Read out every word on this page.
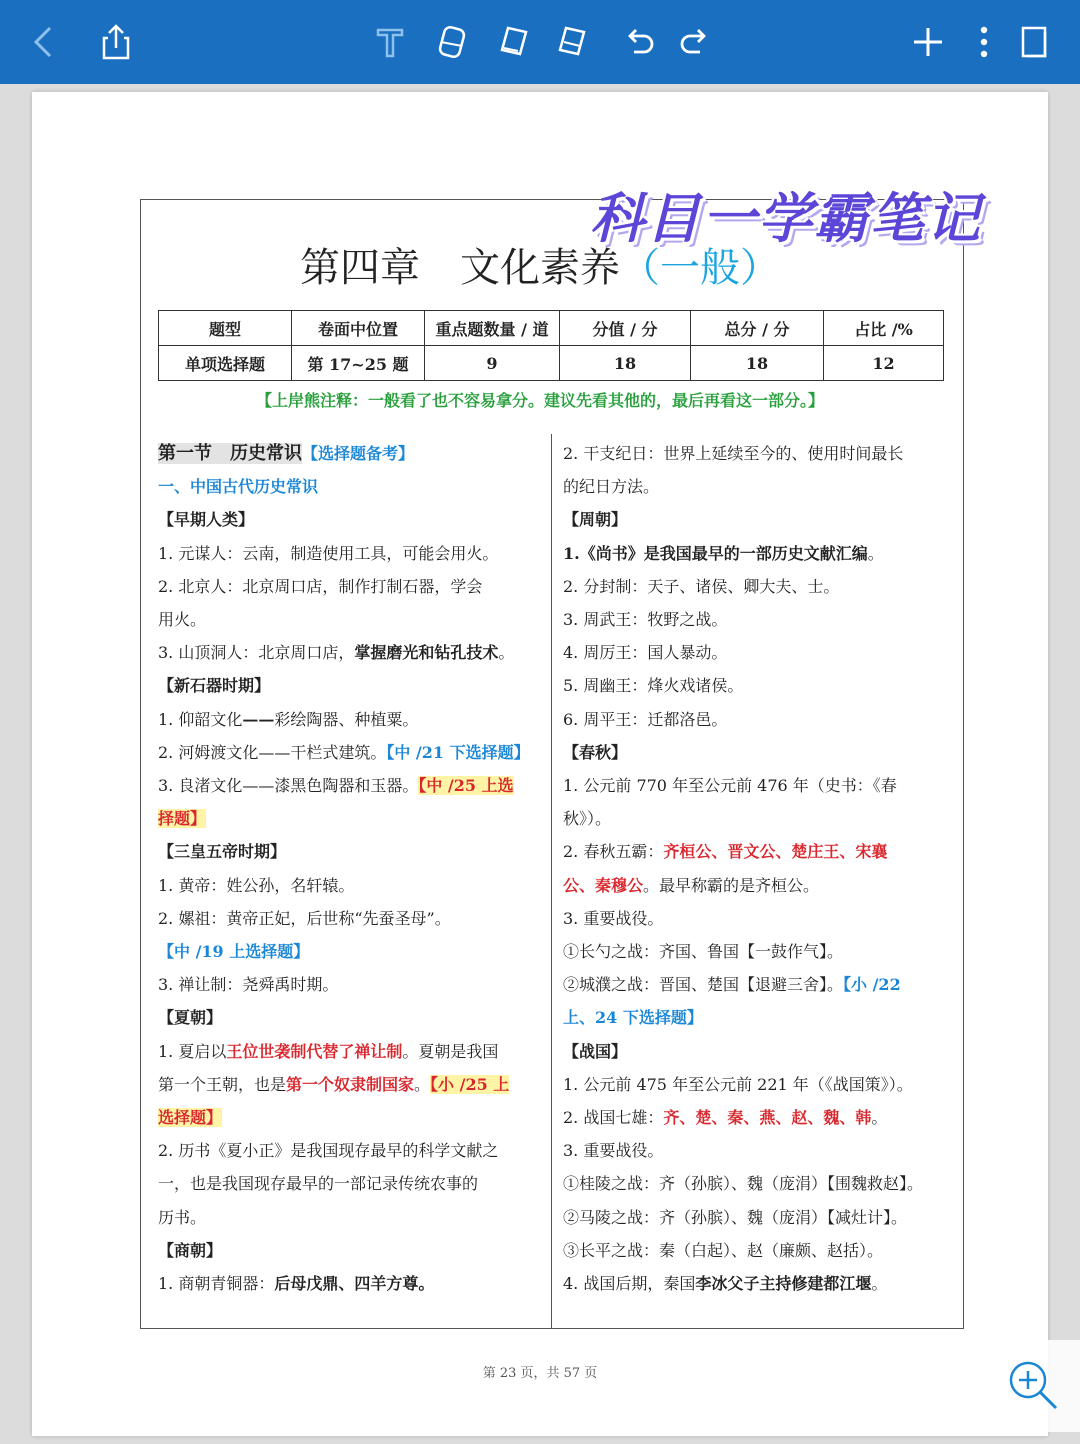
科目一学霸笔记
第四章　文化素养（一般）
题型	卷面中位置	重点题数量 / 道	分值 / 分	总分 / 分	占比 /%
单项选择题	第 17~25 题	9	18	18	12
【上岸熊注释：一般看了也不容易拿分。建议先看其他的，最后再看这一部分。】
第一节　历史常识【选择题备考】
一、中国古代历史常识
【早期人类】
1. 元谋人：云南，制造使用工具，可能会用火。
2. 北京人：北京周口店，制作打制石器，学会
用火。
3. 山顶洞人：北京周口店，掌握磨光和钻孔技术。
【新石器时期】
1. 仰韶文化——彩绘陶器、种植粟。
2. 河姆渡文化——干栏式建筑。【中 /21 下选择题】
3. 良渚文化——漆黑色陶器和玉器。【中 /25 上选
择题】
【三皇五帝时期】
1. 黄帝：姓公孙，名轩辕。
2. 嫘祖：黄帝正妃，后世称“先蚕圣母”。
【中 /19 上选择题】
3. 禅让制：尧舜禹时期。
【夏朝】
1. 夏启以王位世袭制代替了禅让制。夏朝是我国
第一个王朝，也是第一个奴隶制国家。【小 /25 上
选择题】
2. 历书《夏小正》是我国现存最早的科学文献之
一，也是我国现存最早的一部记录传统农事的
历书。
【商朝】
1. 商朝青铜器：后母戊鼎、四羊方尊。
2. 干支纪日：世界上延续至今的、使用时间最长
的纪日方法。
【周朝】
1.《尚书》是我国最早的一部历史文献汇编。
2. 分封制：天子、诸侯、卿大夫、士。
3. 周武王：牧野之战。
4. 周厉王：国人暴动。
5. 周幽王：烽火戏诸侯。
6. 周平王：迁都洛邑。
【春秋】
1. 公元前 770 年至公元前 476 年（史书：《春
秋》）。
2. 春秋五霸：齐桓公、晋文公、楚庄王、宋襄
公、秦穆公。最早称霸的是齐桓公。
3. 重要战役。
①长勺之战：齐国、鲁国【一鼓作气】。
②城濮之战：晋国、楚国【退避三舍】。【小 /22
上、24 下选择题】
【战国】
1. 公元前 475 年至公元前 221 年（《战国策》）。
2. 战国七雄：齐、楚、秦、燕、赵、魏、韩。
3. 重要战役。
①桂陵之战：齐（孙膑）、魏（庞涓）【围魏救赵】。
②马陵之战：齐（孙膑）、魏（庞涓）【减灶计】。
③长平之战：秦（白起）、赵（廉颇、赵括）。
4. 战国后期，秦国李冰父子主持修建都江堰。
第 23 页，共 57 页
